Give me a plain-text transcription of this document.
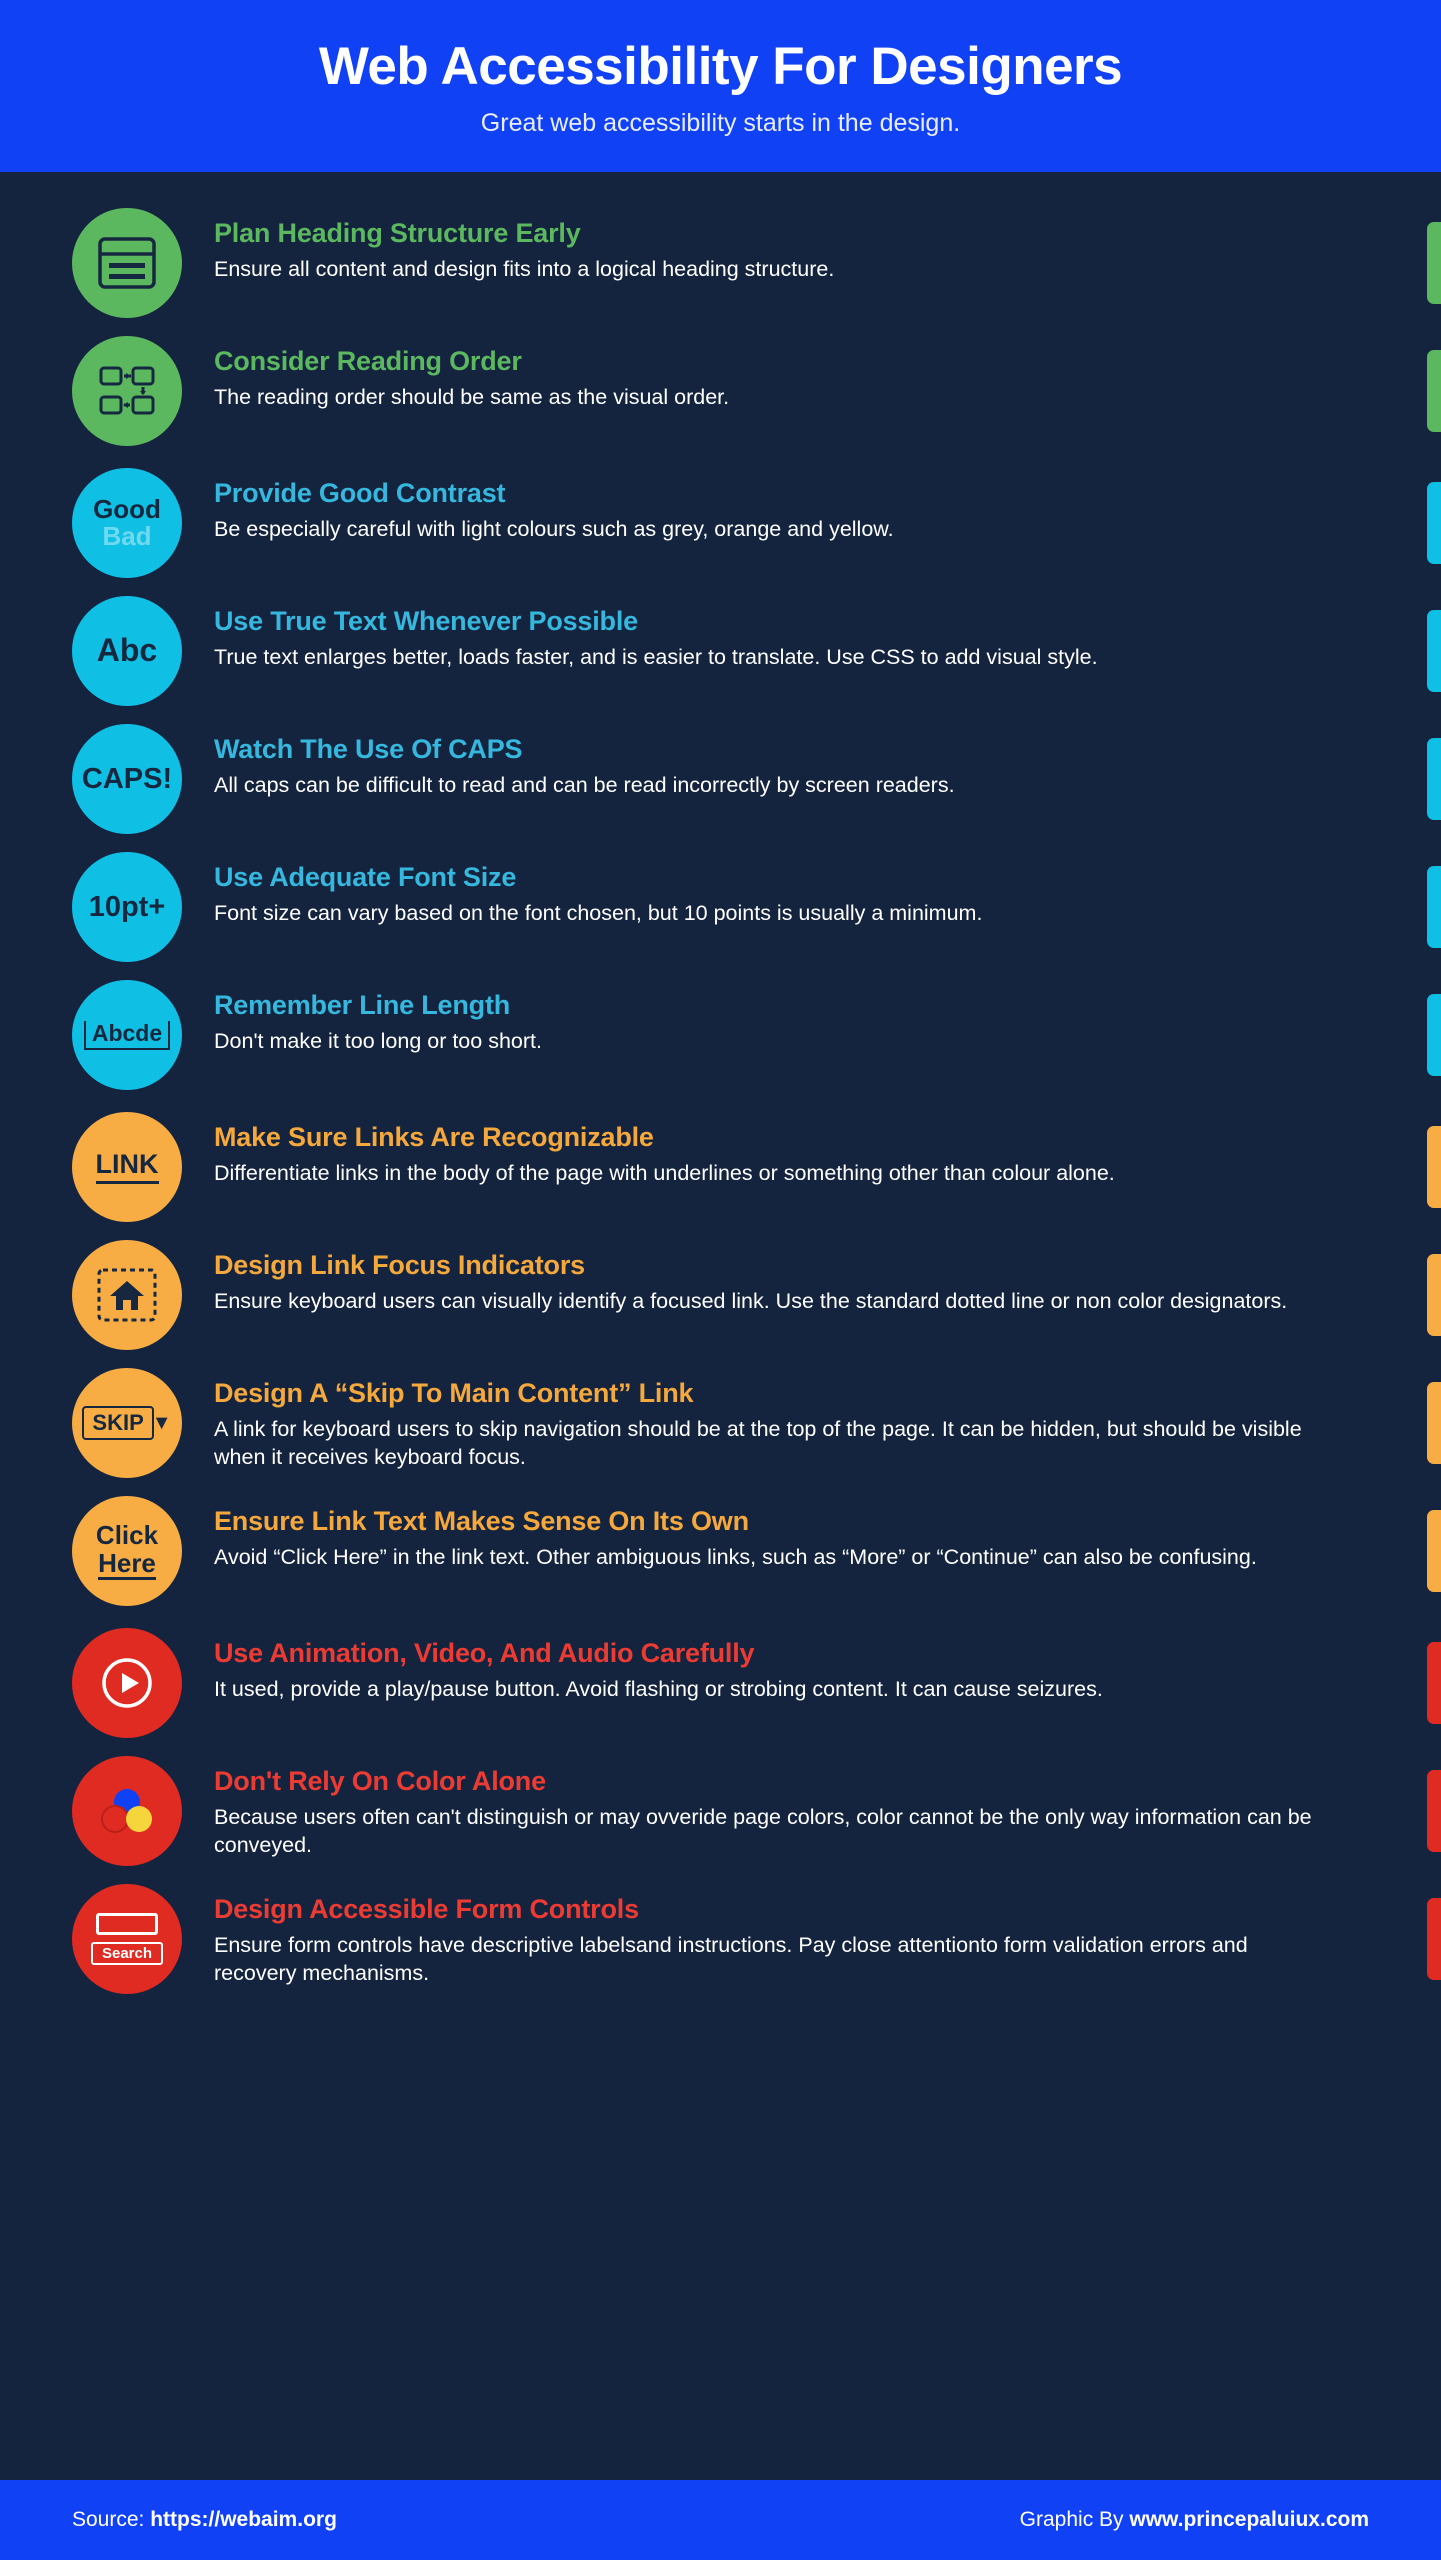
Web Accessibility For Designers
Great web accessibility starts in the design.
Plan Heading Structure Early
Ensure all content and design fits into a logical heading structure.
Consider Reading Order
The reading order should be same as the visual order.
Good
Bad
Provide Good Contrast
Be especially careful with light colours such as grey, orange and yellow.
Abc
Use True Text Whenever Possible
True text enlarges better, loads faster, and is easier to translate. Use CSS to add visual style.
CAPS!
Watch The Use Of CAPS
All caps can be difficult to read and can be read incorrectly by screen readers.
10pt+
Use Adequate Font Size
Font size can vary based on the font chosen, but 10 points is usually a minimum.
Abcde
Remember Line Length
Don't make it too long or too short.
LINK
Make Sure Links Are Recognizable
Differentiate links in the body of the page with underlines or something other than colour alone.
Design Link Focus Indicators
Ensure keyboard users can visually identify a focused link. Use the standard dotted line or non color designators.
SKIP ▼
Design A “Skip To Main Content” Link
A link for keyboard users to skip navigation should be at the top of the page. It can be hidden, but should be visible when it receives keyboard focus.
Click
Here
Ensure Link Text Makes Sense On Its Own
Avoid “Click Here” in the link text. Other ambiguous links, such as “More” or “Continue” can also be confusing.
Use Animation, Video, And Audio Carefully
It used, provide a play/pause button. Avoid flashing or strobing content. It can cause seizures.
Don't Rely On Color Alone
Because users often can't distinguish or may ovveride page colors, color cannot be the only way information can be conveyed.
Search
Design Accessible Form Controls
Ensure form controls have descriptive labelsand instructions. Pay close attentionto form validation errors and recovery mechanisms.
Source: https://webaim.org	Graphic By www.princepaluiux.com
